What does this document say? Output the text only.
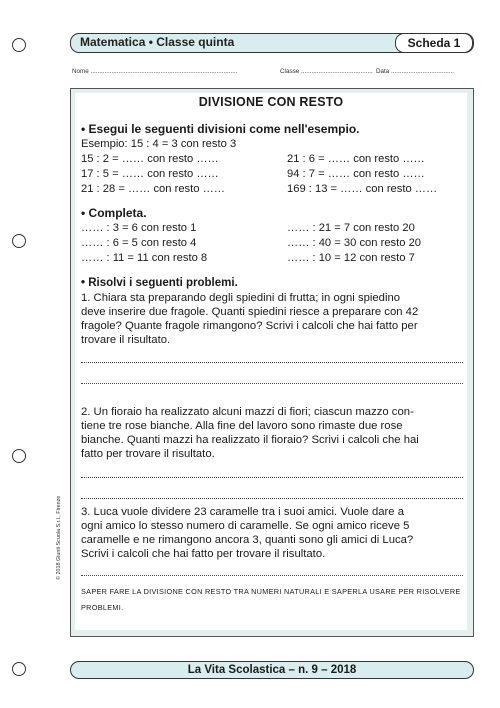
Matematica • Classe quinta	Scheda 1
Nome ....................................................................................	Classe ......................................... Data ....................................
DIVISIONE CON RESTO
• Esegui le seguenti divisioni come nell'esempio.
Esempio: 15 : 4 = 3 con resto 3
15 : 2 = …… con resto ……
17 : 5 = …… con resto ……
21 : 28 = …… con resto ……
21 : 6 = …… con resto ……
94 : 7 = …… con resto ……
169 : 13 = …… con resto ……
• Completa.
…… : 3 = 6 con resto 1
…… : 6 = 5 con resto 4
…… : 11 = 11 con resto 8
…… : 21 = 7 con resto 20
…… : 40 = 30 con resto 20
…… : 10 = 12 con resto 7
• Risolvi i seguenti problemi.
1. Chiara sta preparando degli spiedini di frutta; in ogni spiedino
deve inserire due fragole. Quanti spiedini riesce a preparare con 42
fragole? Quante fragole rimangono? Scrivi i calcoli che hai fatto per
trovare il risultato.
2. Un fioraio ha realizzato alcuni mazzi di fiori; ciascun mazzo con-
tiene tre rose bianche. Alla fine del lavoro sono rimaste due rose
bianche. Quanti mazzi ha realizzato il fioraio? Scrivi i calcoli che hai
fatto per trovare il risultato.
3. Luca vuole dividere 23 caramelle tra i suoi amici. Vuole dare a
ogni amico lo stesso numero di caramelle. Se ogni amico riceve 5
caramelle e ne rimangono ancora 3, quanti sono gli amici di Luca?
Scrivi i calcoli che hai fatto per trovare il risultato.
SAPER FARE LA DIVISIONE CON RESTO TRA NUMERI NATURALI E SAPERLA USARE PER RISOLVERE
PROBLEMI.
© 2018 Giunti Scuola S.r.l., Firenze
La Vita Scolastica – n. 9 – 2018
